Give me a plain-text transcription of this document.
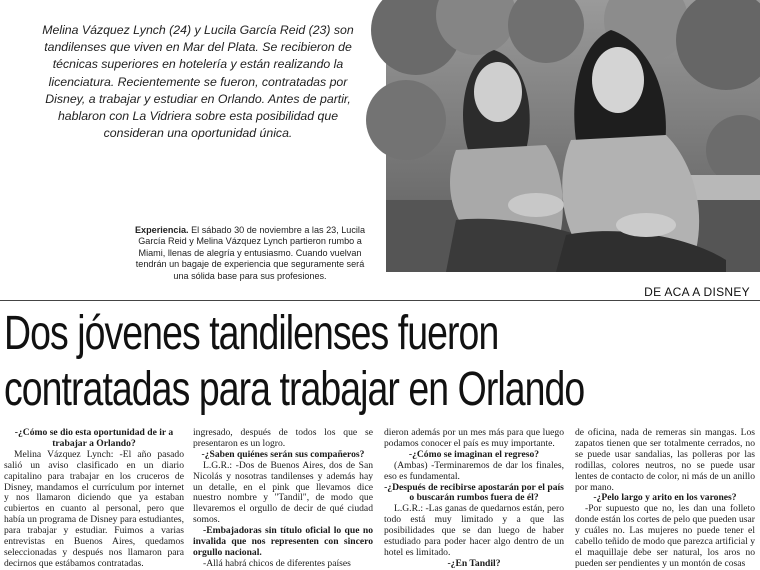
Melina Vázquez Lynch (24) y Lucila García Reid (23) son
tandilenses que viven en Mar del Plata. Se recibieron de
técnicas superiores en hotelería y están realizando la
licenciatura. Recientemente se fueron, contratadas por
Disney, a trabajar y estudiar en Orlando. Antes de partir,
hablaron con La Vidriera sobre esta posibilidad que
consideran una oportunidad única.
Experiencia. El sábado 30 de noviembre a las 23, Lucila
García Reid y Melina Vázquez Lynch partieron rumbo a
Miami, llenas de alegría y entusiasmo. Cuando vuelvan
tendrán un bagaje de experiencia que seguramente será
una sólida base para sus profesiones.
DE ACA A DISNEY
Dos jóvenes tandilenses fueron
contratadas para trabajar en Orlando

-¿Cómo se dio esta oportunidad de ir a trabajar a Orlando?

Melina Vázquez Lynch: -El año pasado salió un aviso clasificado en un diario capitalino para trabajar en los cruceros de Disney, mandamos el currículum por internet y nos llamaron diciendo que ya estaban cubiertos en cuanto al personal, pero que había un programa de Disney para estudiantes, para trabajar y estudiar. Fuimos a varias entrevistas en Buenos Aires, quedamos seleccionadas y después nos llamaron para decirnos que estábamos contratadas.

ingresado, después de todos los que se presentaron es un logro.

-¿Saben quiénes serán sus compañeros?

L.G.R.: -Dos de Buenos Aires, dos de San Nicolás y nosotras tandilenses y además hay un detalle, en el pink que llevamos dice nuestro nombre y "Tandil", de modo que llevaremos el orgullo de decir de qué ciudad somos.

-Embajadoras sin título oficial lo que no invalida que nos representen con sincero orgullo nacional.

-Allá habrá chicos de diferentes países

dieron además por un mes más para que luego podamos conocer el país es muy importante.

-¿Cómo se imaginan el regreso?

(Ambas) -Terminaremos de dar los finales, eso es fundamental.

-¿Después de recibirse apostarán por el país o buscarán rumbos fuera de él?

L.G.R.: -Las ganas de quedarnos están, pero todo está muy limitado y a que las posibilidades que se dan luego de haber estudiado para poder hacer algo dentro de un hotel es limitado.

-¿En Tandil?

de oficina, nada de remeras sin mangas. Los zapatos tienen que ser totalmente cerrados, no se puede usar sandalias, las polleras por las rodillas, colores neutros, no se puede usar lentes de contacto de color, ni más de un anillo por mano.

-¿Pelo largo y arito en los varones?

-Por supuesto que no, les dan una folleto donde están los cortes de pelo que pueden usar y cuáles no. Las mujeres no puede tener el cabello teñido de modo que parezca artificial y el maquillaje debe ser natural, los aros no pueden ser pendientes y un montón de cosas
